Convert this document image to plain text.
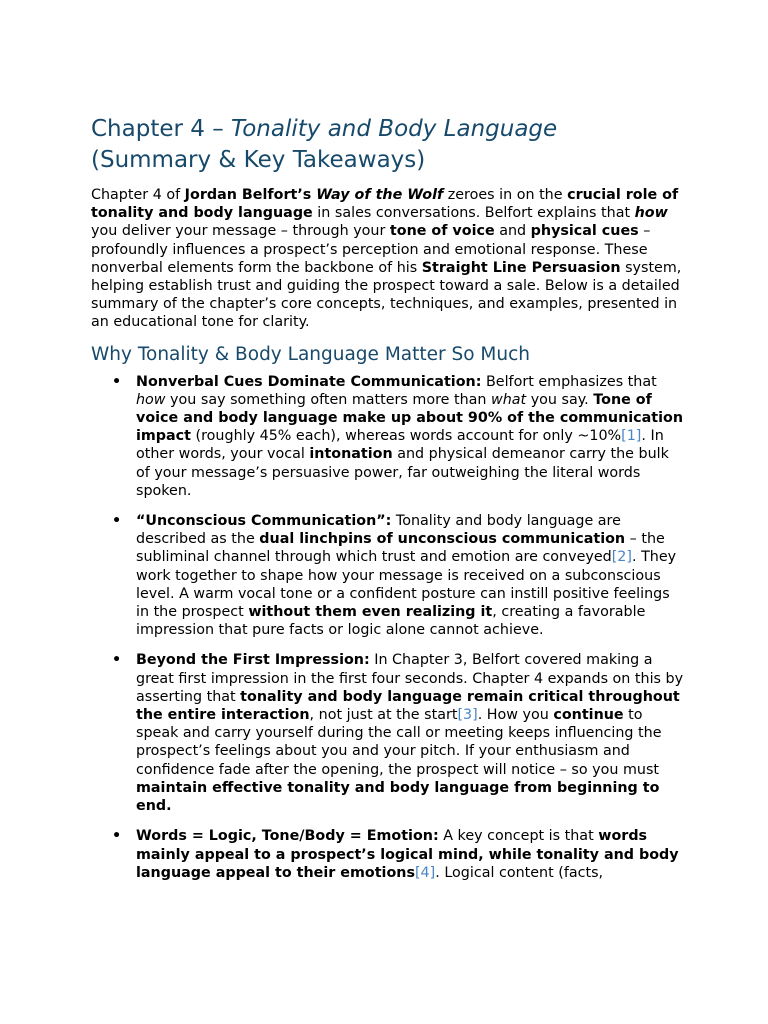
Chapter 4 – Tonality and Body Language
(Summary & Key Takeaways)

Chapter 4 of Jordan Belfort’s Way of the Wolf zeroes in on the crucial role of tonality and body language in sales conversations. Belfort explains that how you deliver your message – through your tone of voice and physical cues – profoundly influences a prospect’s perception and emotional response. These nonverbal elements form the backbone of his Straight Line Persuasion system, helping establish trust and guiding the prospect toward a sale. Below is a detailed summary of the chapter’s core concepts, techniques, and examples, presented in an educational tone for clarity.

Why Tonality & Body Language Matter So Much
• Nonverbal Cues Dominate Communication: Belfort emphasizes that how you say something often matters more than what you say. Tone of voice and body language make up about 90% of the communication impact (roughly 45% each), whereas words account for only ~10%[1]. In other words, your vocal intonation and physical demeanor carry the bulk of your message’s persuasive power, far outweighing the literal words spoken.
• “Unconscious Communication”: Tonality and body language are described as the dual linchpins of unconscious communication – the subliminal channel through which trust and emotion are conveyed[2]. They work together to shape how your message is received on a subconscious level. A warm vocal tone or a confident posture can instill positive feelings in the prospect without them even realizing it, creating a favorable impression that pure facts or logic alone cannot achieve.
• Beyond the First Impression: In Chapter 3, Belfort covered making a great first impression in the first four seconds. Chapter 4 expands on this by asserting that tonality and body language remain critical throughout the entire interaction, not just at the start[3]. How you continue to speak and carry yourself during the call or meeting keeps influencing the prospect’s feelings about you and your pitch. If your enthusiasm and confidence fade after the opening, the prospect will notice – so you must maintain effective tonality and body language from beginning to end.
• Words = Logic, Tone/Body = Emotion: A key concept is that words mainly appeal to a prospect’s logical mind, while tonality and body language appeal to their emotions[4]. Logical content (facts,
